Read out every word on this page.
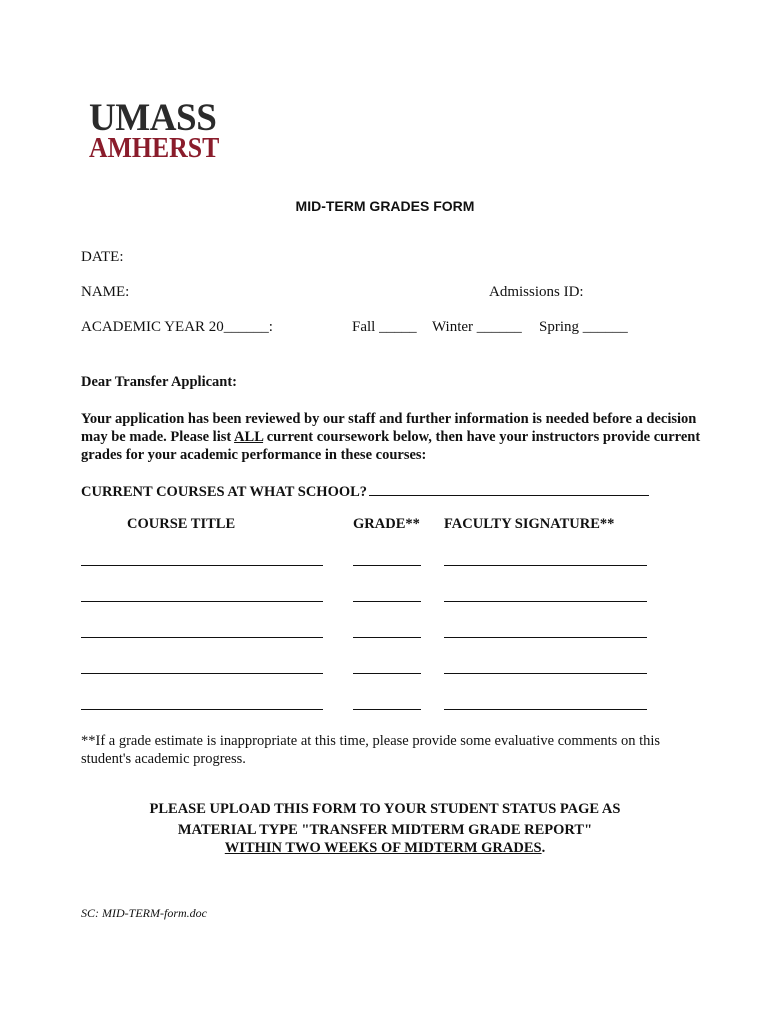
UMASS
AMHERST
MID-TERM GRADES FORM
DATE:
NAME:	Admissions ID:
ACADEMIC YEAR 20______:	Fall _____ Winter ______ Spring ______
Dear Transfer Applicant:
Your application has been reviewed by our staff and further information is needed before a decision may be made. Please list ALL current coursework below, then have your instructors provide current grades for your academic performance in these courses:
CURRENT COURSES AT WHAT SCHOOL?
COURSE TITLE	GRADE** FACULTY SIGNATURE**
**If a grade estimate is inappropriate at this time, please provide some evaluative comments on this student's academic progress.
PLEASE UPLOAD THIS FORM TO YOUR STUDENT STATUS PAGE AS
MATERIAL TYPE "TRANSFER MIDTERM GRADE REPORT"
WITHIN TWO WEEKS OF MIDTERM GRADES.
SC: MID-TERM-form.doc
